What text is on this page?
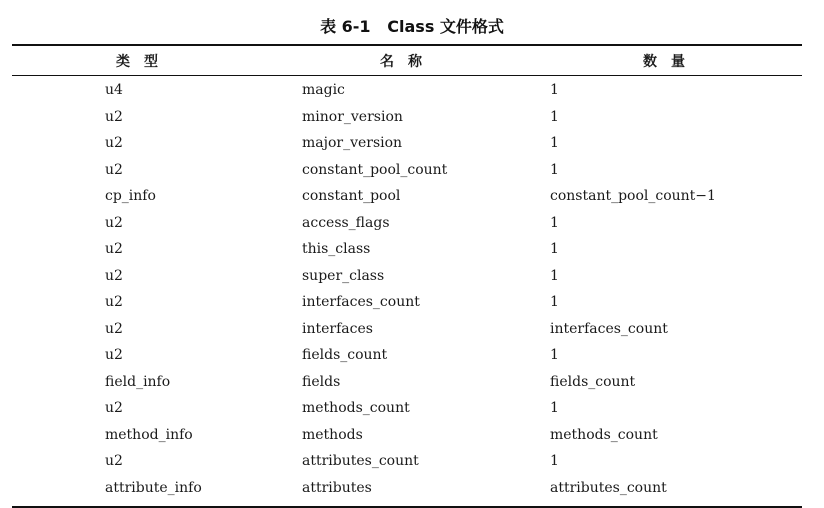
表 6-1   Class 文件格式
类型	名称	数量
u4	magic	1
u2	minor_version	1
u2	major_version	1
u2	constant_pool_count	1
cp_info	constant_pool	constant_pool_count−1
u2	access_flags	1
u2	this_class	1
u2	super_class	1
u2	interfaces_count	1
u2	interfaces	interfaces_count
u2	fields_count	1
field_info	fields	fields_count
u2	methods_count	1
method_info	methods	methods_count
u2	attributes_count	1
attribute_info	attributes	attributes_count
